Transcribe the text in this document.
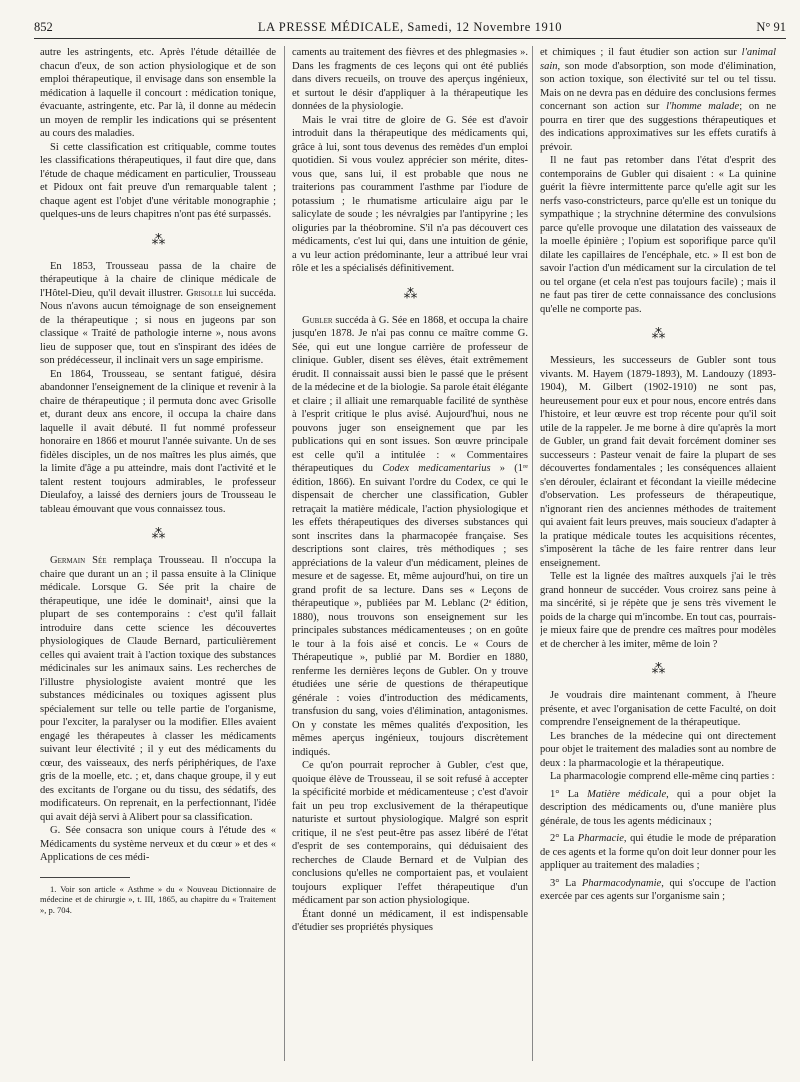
852	LA PRESSE MÉDICALE, Samedi, 12 Novembre 1910	N° 91

autre les astringents, etc. Après l'étude détaillée de chacun d'eux, de son action physiologique et de son emploi thérapeutique, il envisage dans son ensemble la médication à laquelle il concourt : médication tonique, évacuante, astringente, etc. Par là, il donne au médecin un moyen de remplir les indications qui se présentent au cours des maladies.

Si cette classification est critiquable, comme toutes les classifications thérapeutiques, il faut dire que, dans l'étude de chaque médicament en particulier, Trousseau et Pidoux ont fait preuve d'un remarquable talent ; chaque agent est l'objet d'une véritable monographie ; quelques-uns de leurs chapitres n'ont pas été surpassés.

⁂

En 1853, Trousseau passa de la chaire de thérapeutique à la chaire de clinique médicale de l'Hôtel-Dieu, qu'il devait illustrer. Grisolle lui succéda. Nous n'avons aucun témoignage de son enseignement de la thérapeutique ; si nous en jugeons par son classique « Traité de pathologie interne », nous avons lieu de supposer que, tout en s'inspirant des idées de son prédécesseur, il inclinait vers un sage empirisme.

En 1864, Trousseau, se sentant fatigué, désira abandonner l'enseignement de la clinique et revenir à la chaire de thérapeutique ; il permuta donc avec Grisolle et, durant deux ans encore, il occupa la chaire dans laquelle il avait débuté. Il fut nommé professeur honoraire en 1866 et mourut l'année suivante. Un de ses fidèles disciples, un de nos maîtres les plus aimés, que la limite d'âge a pu atteindre, mais dont l'activité et le talent restent toujours admirables, le professeur Dieulafoy, a laissé des derniers jours de Trousseau le tableau émouvant que vous connaissez tous.

⁂

Germain Sée remplaça Trousseau. Il n'occupa la chaire que durant un an ; il passa ensuite à la Clinique médicale. Lorsque G. Sée prit la chaire de thérapeutique, une idée le dominait¹, ainsi que la plupart de ses contemporains : c'est qu'il fallait introduire dans cette science les découvertes physiologiques de Claude Bernard, particulièrement celles qui avaient trait à l'action toxique des substances médicinales sur les animaux sains. Les recherches de l'illustre physiologiste avaient montré que les substances médicinales ou toxiques agissent plus spécialement sur telle ou telle partie de l'organisme, pour l'exciter, la paralyser ou la modifier. Elles avaient engagé les thérapeutes à classer les médicaments suivant leur électivité ; il y eut des médicaments du cœur, des vaisseaux, des nerfs périphériques, de l'axe gris de la moelle, etc. ; et, dans chaque groupe, il y eut des excitants de l'organe ou du tissu, des sédatifs, des modificateurs. On reprenait, en la perfectionnant, l'idée qui avait déjà servi à Alibert pour sa classification.

G. Sée consacra son unique cours à l'étude des « Médicaments du système nerveux et du cœur » et des « Applications de ces médi-

1. Voir son article « Asthme » du « Nouveau Dictionnaire de médecine et de chirurgie », t. III, 1865, au chapitre du « Traitement », p. 704.

caments au traitement des fièvres et des phlegmasies ». Dans les fragments de ces leçons qui ont été publiés dans divers recueils, on trouve des aperçus ingénieux, et surtout le désir d'appliquer à la thérapeutique les données de la physiologie.

Mais le vrai titre de gloire de G. Sée est d'avoir introduit dans la thérapeutique des médicaments qui, grâce à lui, sont tous devenus des remèdes d'un emploi quotidien. Si vous voulez apprécier son mérite, dites-vous que, sans lui, il est probable que nous ne traiterions pas couramment l'asthme par l'iodure de potassium ; le rhumatisme articulaire aigu par le salicylate de soude ; les névralgies par l'antipyrine ; les oliguries par la théobromine. S'il n'a pas découvert ces médicaments, c'est lui qui, dans une intuition de génie, a vu leur action prédominante, leur a attribué leur vrai rôle et les a spécialisés définitivement.

⁂

Gubler succéda à G. Sée en 1868, et occupa la chaire jusqu'en 1878. Je n'ai pas connu ce maître comme G. Sée, qui eut une longue carrière de professeur de clinique. Gubler, disent ses élèves, était extrêmement érudit. Il connaissait aussi bien le passé que le présent de la médecine et de la biologie. Sa parole était élégante et claire ; il alliait une remarquable facilité de synthèse à l'esprit critique le plus avisé. Aujourd'hui, nous ne pouvons juger son enseignement que par les publications qui en sont issues. Son œuvre principale est celle qu'il a intitulée : « Commentaires thérapeutiques du Codex medicamentarius » (1ʳᵉ édition, 1866). En suivant l'ordre du Codex, ce qui le dispensait de chercher une classification, Gubler retraçait la matière médicale, l'action physiologique et les effets thérapeutiques des diverses substances qui sont inscrites dans la pharmacopée française. Ses descriptions sont claires, très méthodiques ; ses appréciations de la valeur d'un médicament, pleines de mesure et de sagesse. Et, même aujourd'hui, on tire un grand profit de sa lecture. Dans ses « Leçons de thérapeutique », publiées par M. Leblanc (2ᵉ édition, 1880), nous trouvons son enseignement sur les principales substances médicamenteuses ; on en goûte le tour à la fois aisé et concis. Le « Cours de Thérapeutique », publié par M. Bordier en 1880, renferme les dernières leçons de Gubler. On y trouve étudiées une série de questions de thérapeutique générale : voies d'introduction des médicaments, transfusion du sang, voies d'élimination, antagonismes. On y constate les mêmes qualités d'exposition, les mêmes aperçus ingénieux, toujours discrètement indiqués.

Ce qu'on pourrait reprocher à Gubler, c'est que, quoique élève de Trousseau, il se soit refusé à accepter la spécificité morbide et médicamenteuse ; c'est d'avoir fait un peu trop exclusivement de la thérapeutique naturiste et surtout physiologique. Malgré son esprit critique, il ne s'est peut-être pas assez libéré de l'état d'esprit de ses contemporains, qui déduisaient des recherches de Claude Bernard et de Vulpian des conclusions qu'elles ne comportaient pas, et voulaient toujours expliquer l'effet thérapeutique d'un médicament par son action physiologique.

Étant donné un médicament, il est indispensable d'étudier ses propriétés physiques

et chimiques ; il faut étudier son action sur l'animal sain, son mode d'absorption, son mode d'élimination, son action toxique, son électivité sur tel ou tel tissu. Mais on ne devra pas en déduire des conclusions fermes concernant son action sur l'homme malade; on ne pourra en tirer que des suggestions thérapeutiques et des indications approximatives sur les effets curatifs à prévoir.

Il ne faut pas retomber dans l'état d'esprit des contemporains de Gubler qui disaient : « La quinine guérit la fièvre intermittente parce qu'elle agit sur les nerfs vaso-constricteurs, parce qu'elle est un tonique du sympathique ; la strychnine détermine des convulsions parce qu'elle provoque une dilatation des vaisseaux de la moelle épinière ; l'opium est soporifique parce qu'il dilate les capillaires de l'encéphale, etc. » Il est bon de savoir l'action d'un médicament sur la circulation de tel ou tel organe (et cela n'est pas toujours facile) ; mais il ne faut pas tirer de cette connaissance des conclusions qu'elle ne comporte pas.

⁂

Messieurs, les successeurs de Gubler sont tous vivants. M. Hayem (1879-1893), M. Landouzy (1893-1904), M. Gilbert (1902-1910) ne sont pas, heureusement pour eux et pour nous, encore entrés dans l'histoire, et leur œuvre est trop récente pour qu'il soit utile de la rappeler. Je me borne à dire qu'après la mort de Gubler, un grand fait devait forcément dominer ses successeurs : Pasteur venait de faire la plupart de ses découvertes fondamentales ; les conséquences allaient s'en dérouler, éclairant et fécondant la vieille médecine d'observation. Les professeurs de thérapeutique, n'ignorant rien des anciennes méthodes de traitement qui avaient fait leurs preuves, mais soucieux d'adapter à la pratique médicale toutes les acquisitions récentes, s'imposèrent la tâche de les faire rentrer dans leur enseignement.

Telle est la lignée des maîtres auxquels j'ai le très grand honneur de succéder. Vous croirez sans peine à ma sincérité, si je répète que je sens très vivement le poids de la charge qui m'incombe. En tout cas, pourrais-je mieux faire que de prendre ces maîtres pour modèles et de chercher à les imiter, même de loin ?

⁂

Je voudrais dire maintenant comment, à l'heure présente, et avec l'organisation de cette Faculté, on doit comprendre l'enseignement de la thérapeutique.

Les branches de la médecine qui ont directement pour objet le traitement des maladies sont au nombre de deux : la pharmacologie et la thérapeutique.

La pharmacologie comprend elle-même cinq parties :

1° La Matière médicale, qui a pour objet la description des médicaments ou, d'une manière plus générale, de tous les agents médicinaux ;

2° La Pharmacie, qui étudie le mode de préparation de ces agents et la forme qu'on doit leur donner pour les appliquer au traitement des maladies ;

3° La Pharmacodynamie, qui s'occupe de l'action exercée par ces agents sur l'organisme sain ;
